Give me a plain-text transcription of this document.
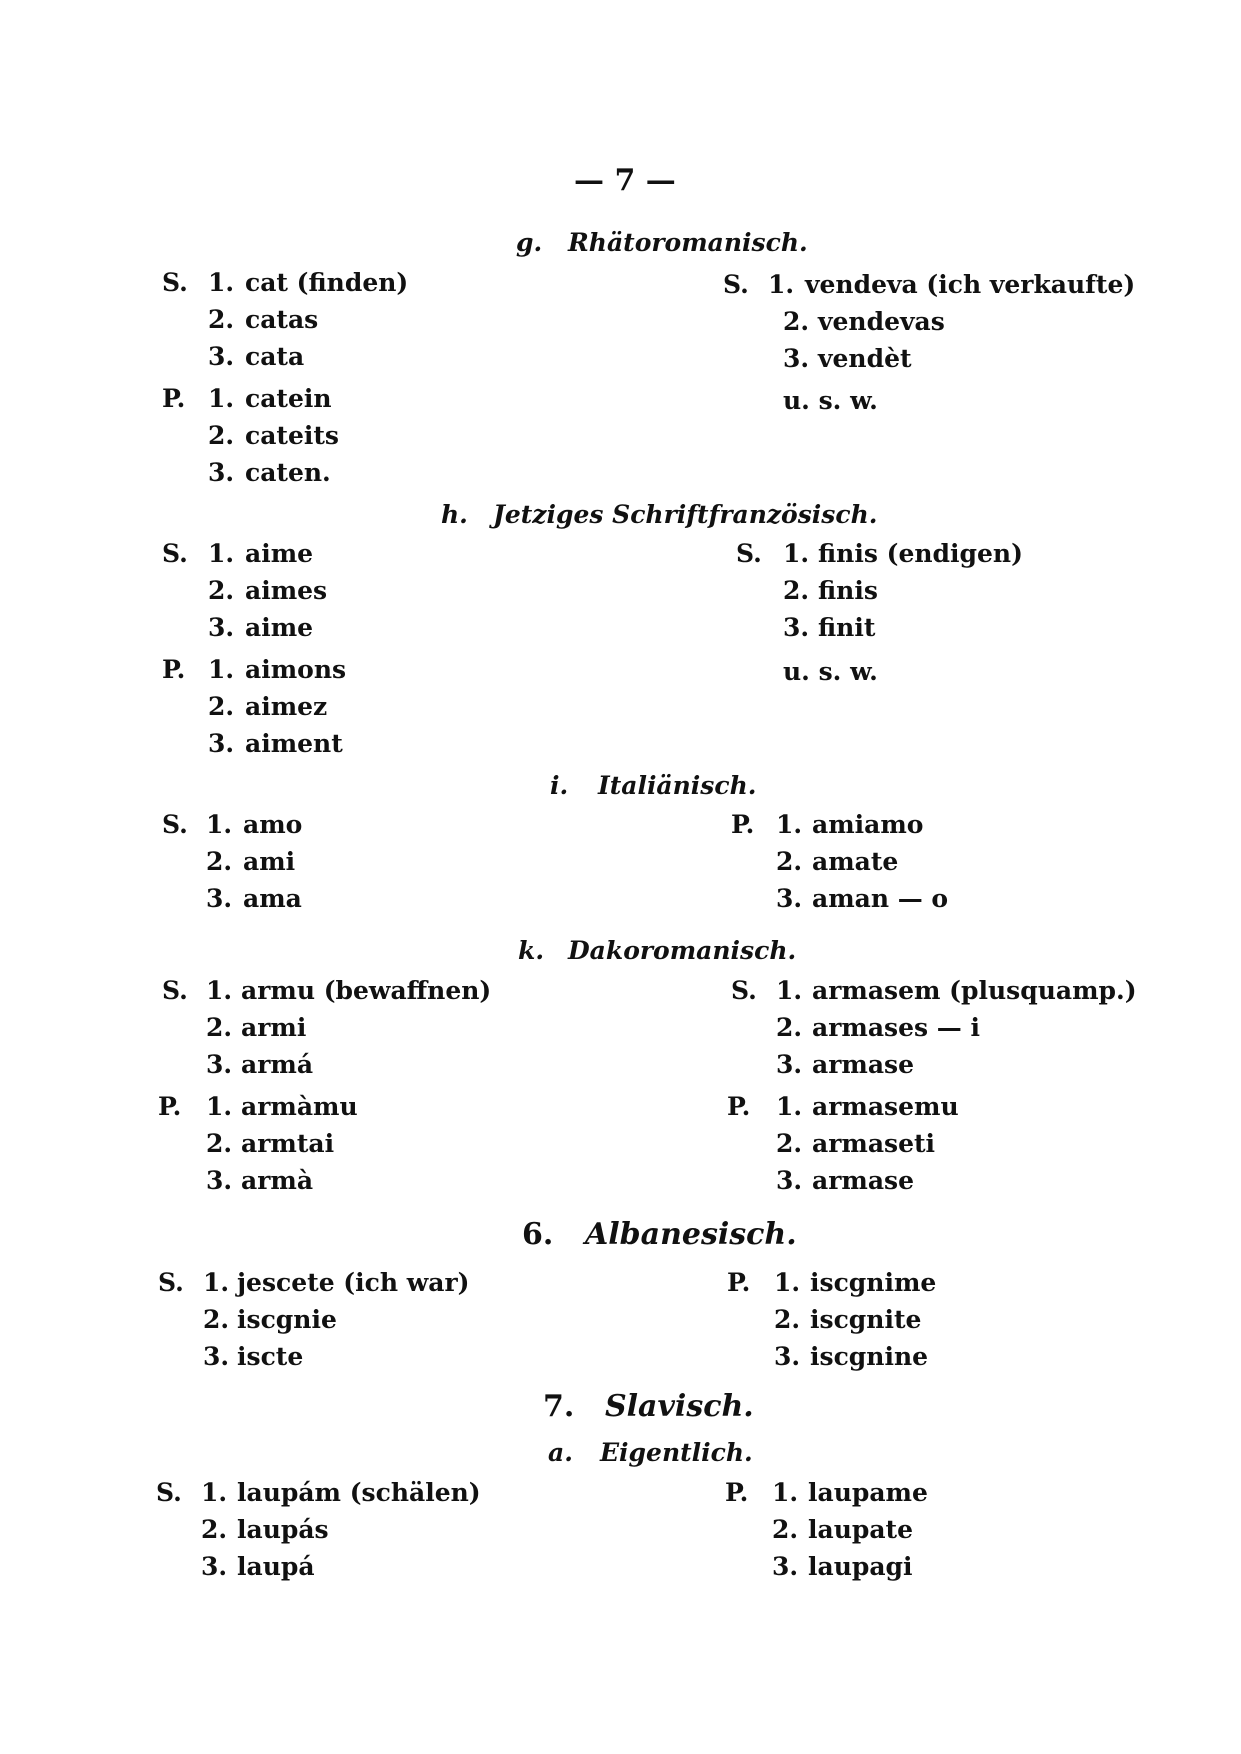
— 7 —
g. Rhätoromanisch.
S. 1. cat (finden)
2. catas
3. cata
P. 1. catein
2. cateits
3. caten.
S. 1. vendeva (ich verkaufte)
2. vendevas
3. vendèt
u. s. w.
h. Jetziges Schriftfranzösisch.
S. 1. aime
2. aimes
3. aime
P. 1. aimons
2. aimez
3. aiment
S. 1. finis (endigen)
2. finis
3. finit
u. s. w.
i. Italiänisch.
S. 1. amo
2. ami
3. ama
P. 1. amiamo
2. amate
3. aman — o
k. Dakoromanisch.
S. 1. armu (bewaffnen)
2. armi
3. armá
P. 1. armàmu
2. armtai
3. armà
S. 1. armasem (plusquamp.)
2. armases — i
3. armase
P. 1. armasemu
2. armaseti
3. armase
6. Albanesisch.
S. 1. jescete (ich war)
2. iscgnie
3. iscte
P. 1. iscgnime
2. iscgnite
3. iscgnine
7. Slavisch.
a. Eigentlich.
S. 1. laupám (schälen)
2. laupás
3. laupá
P. 1. laupame
2. laupate
3. laupagi
